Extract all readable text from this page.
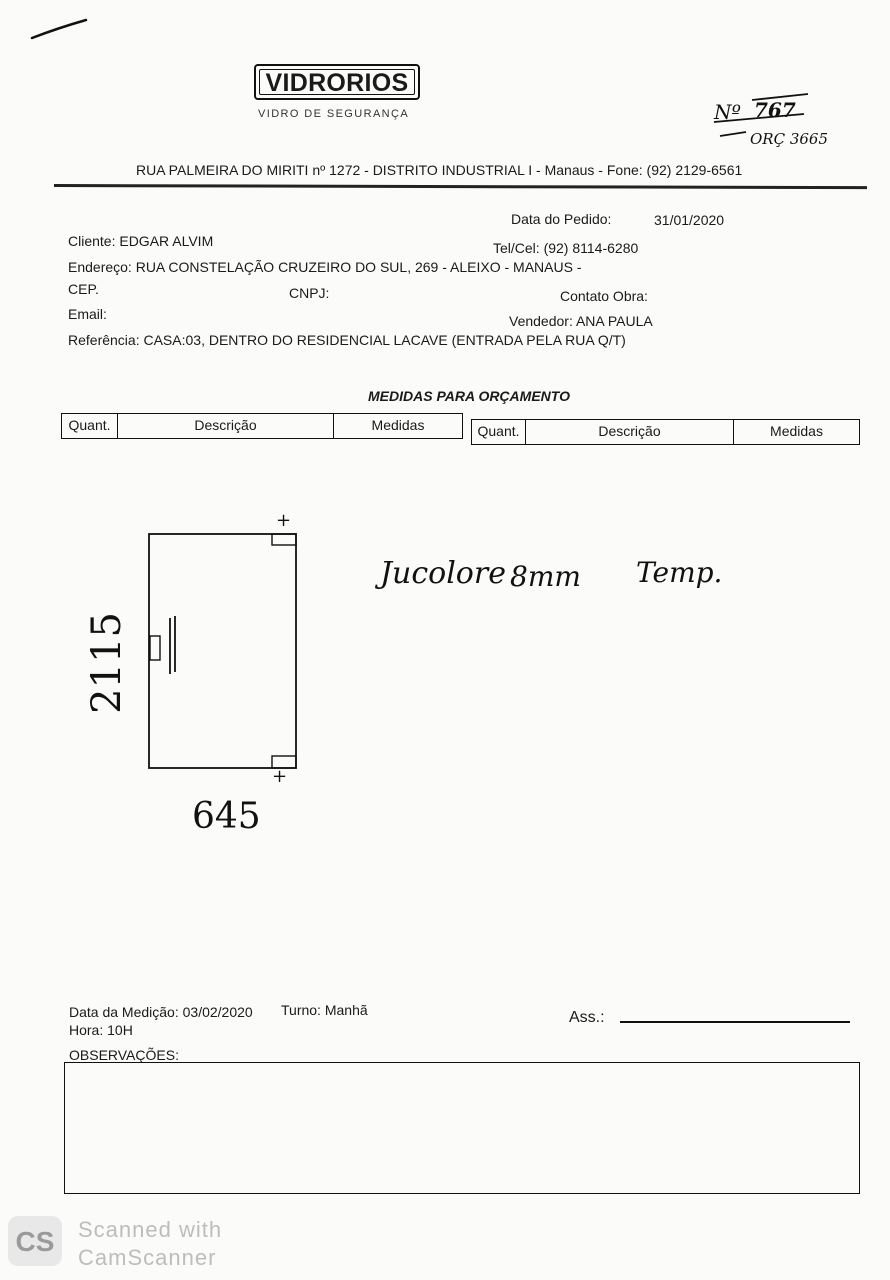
VIDRORIOS
VIDRO DE SEGURANÇA	Nº 767
ORÇ 3665
RUA PALMEIRA DO MIRITI nº 1272 - DISTRITO INDUSTRIAL I - Manaus - Fone: (92) 2129-6561
Data do Pedido:	31/01/2020
Cliente: EDGAR ALVIM	Tel/Cel: (92) 8114-6280
Endereço: RUA CONSTELAÇÃO CRUZEIRO DO SUL, 269 - ALEIXO - MANAUS -
CEP.	CNPJ:	Contato Obra:
Email:	Vendedor: ANA PAULA
Referência: CASA:03, DENTRO DO RESIDENCIAL LACAVE (ENTRADA PELA RUA Q/T)
MEDIDAS PARA ORÇAMENTO
Quant.	Descrição	Medidas	Quant.	Descrição	Medidas
+
+
2115
645
Jucolore 8mm Temp.
Data da Medição: 03/02/2020 Turno: Manhã
Hora: 10H
Ass.:
OBSERVAÇÕES:
CS	Scanned with
CamScanner
